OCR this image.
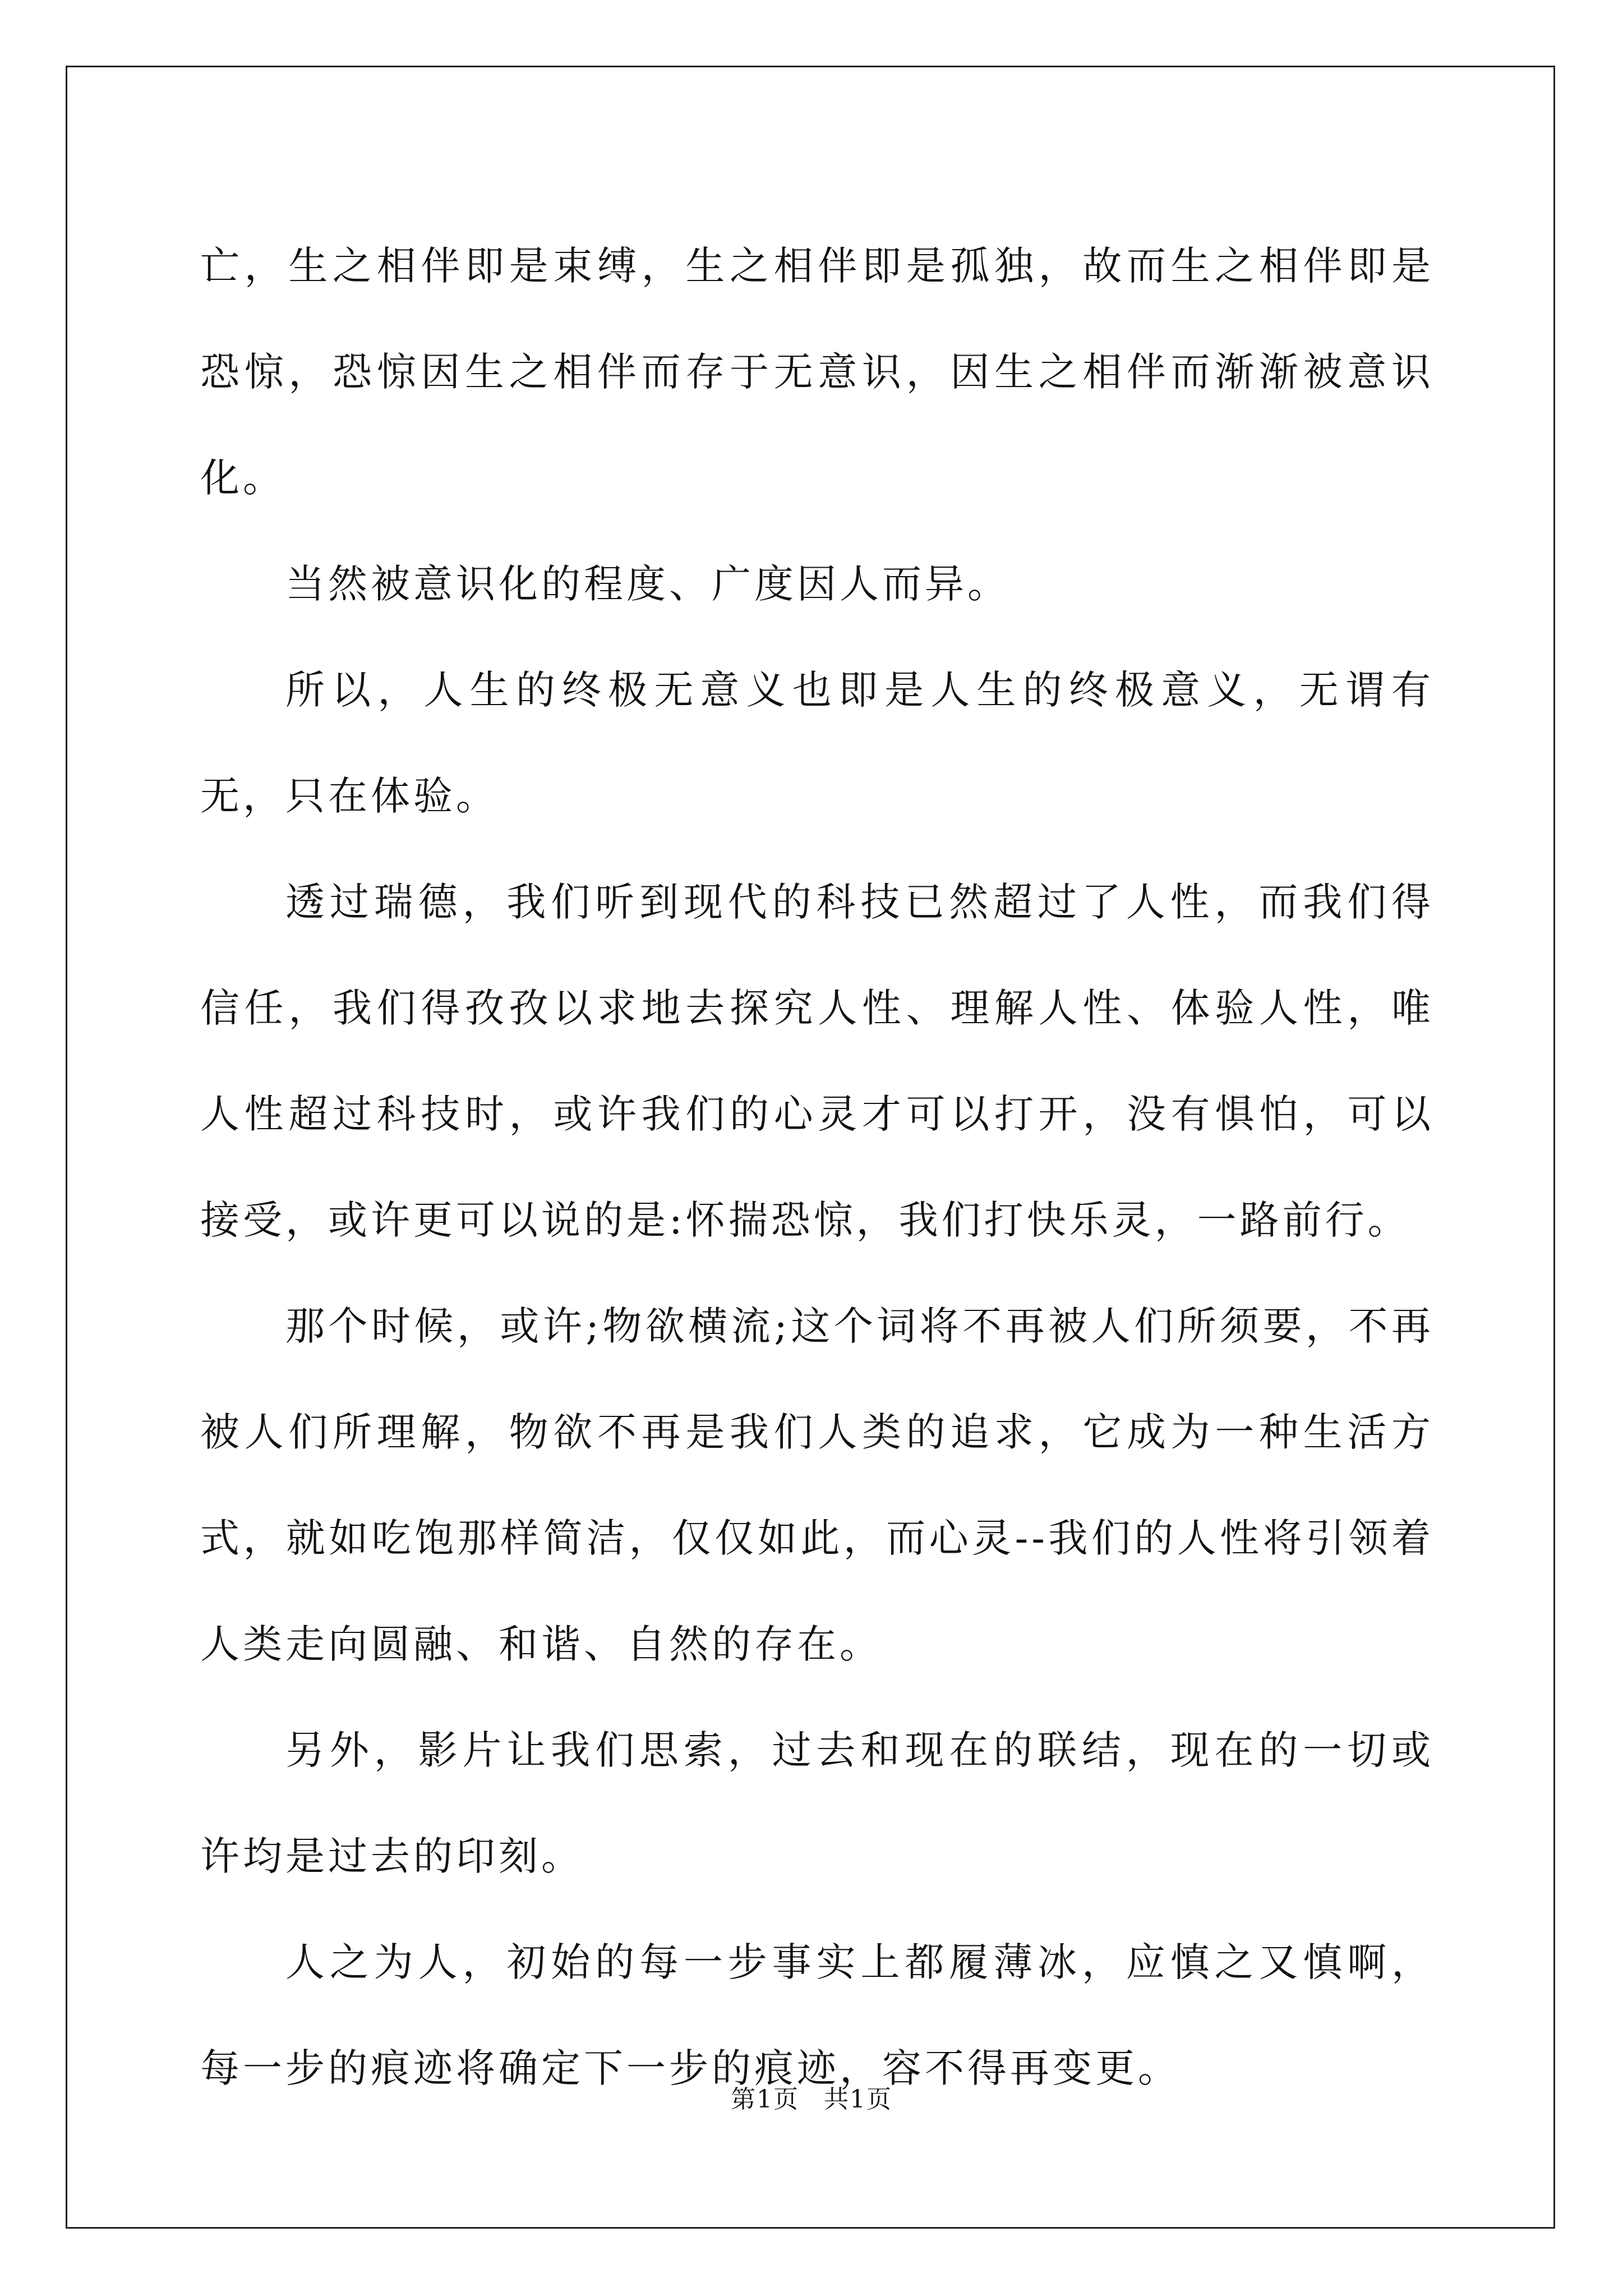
亡，生之相伴即是束缚，生之相伴即是孤独，故而生之相伴即是恐惊，恐惊因生之相伴而存于无意识，因生之相伴而渐渐被意识化。

当然被意识化的程度、广度因人而异。

所以，人生的终极无意义也即是人生的终极意义，无谓有无，只在体验。

透过瑞德，我们听到现代的科技已然超过了人性，而我们得信任，我们得孜孜以求地去探究人性、理解人性、体验人性，唯人性超过科技时，或许我们的心灵才可以打开，没有惧怕，可以接受，或许更可以说的是:怀揣恐惊，我们打快乐灵，一路前行。

那个时候，或许;物欲横流;这个词将不再被人们所须要，不再被人们所理解，物欲不再是我们人类的追求，它成为一种生活方式，就如吃饱那样简洁，仅仅如此，而心灵--我们的人性将引领着人类走向圆融、和谐、自然的存在。

另外，影片让我们思索，过去和现在的联结，现在的一切或许均是过去的印刻。

人之为人，初始的每一步事实上都履薄冰，应慎之又慎啊，每一步的痕迹将确定下一步的痕迹，容不得再变更。

第1页 共1页
